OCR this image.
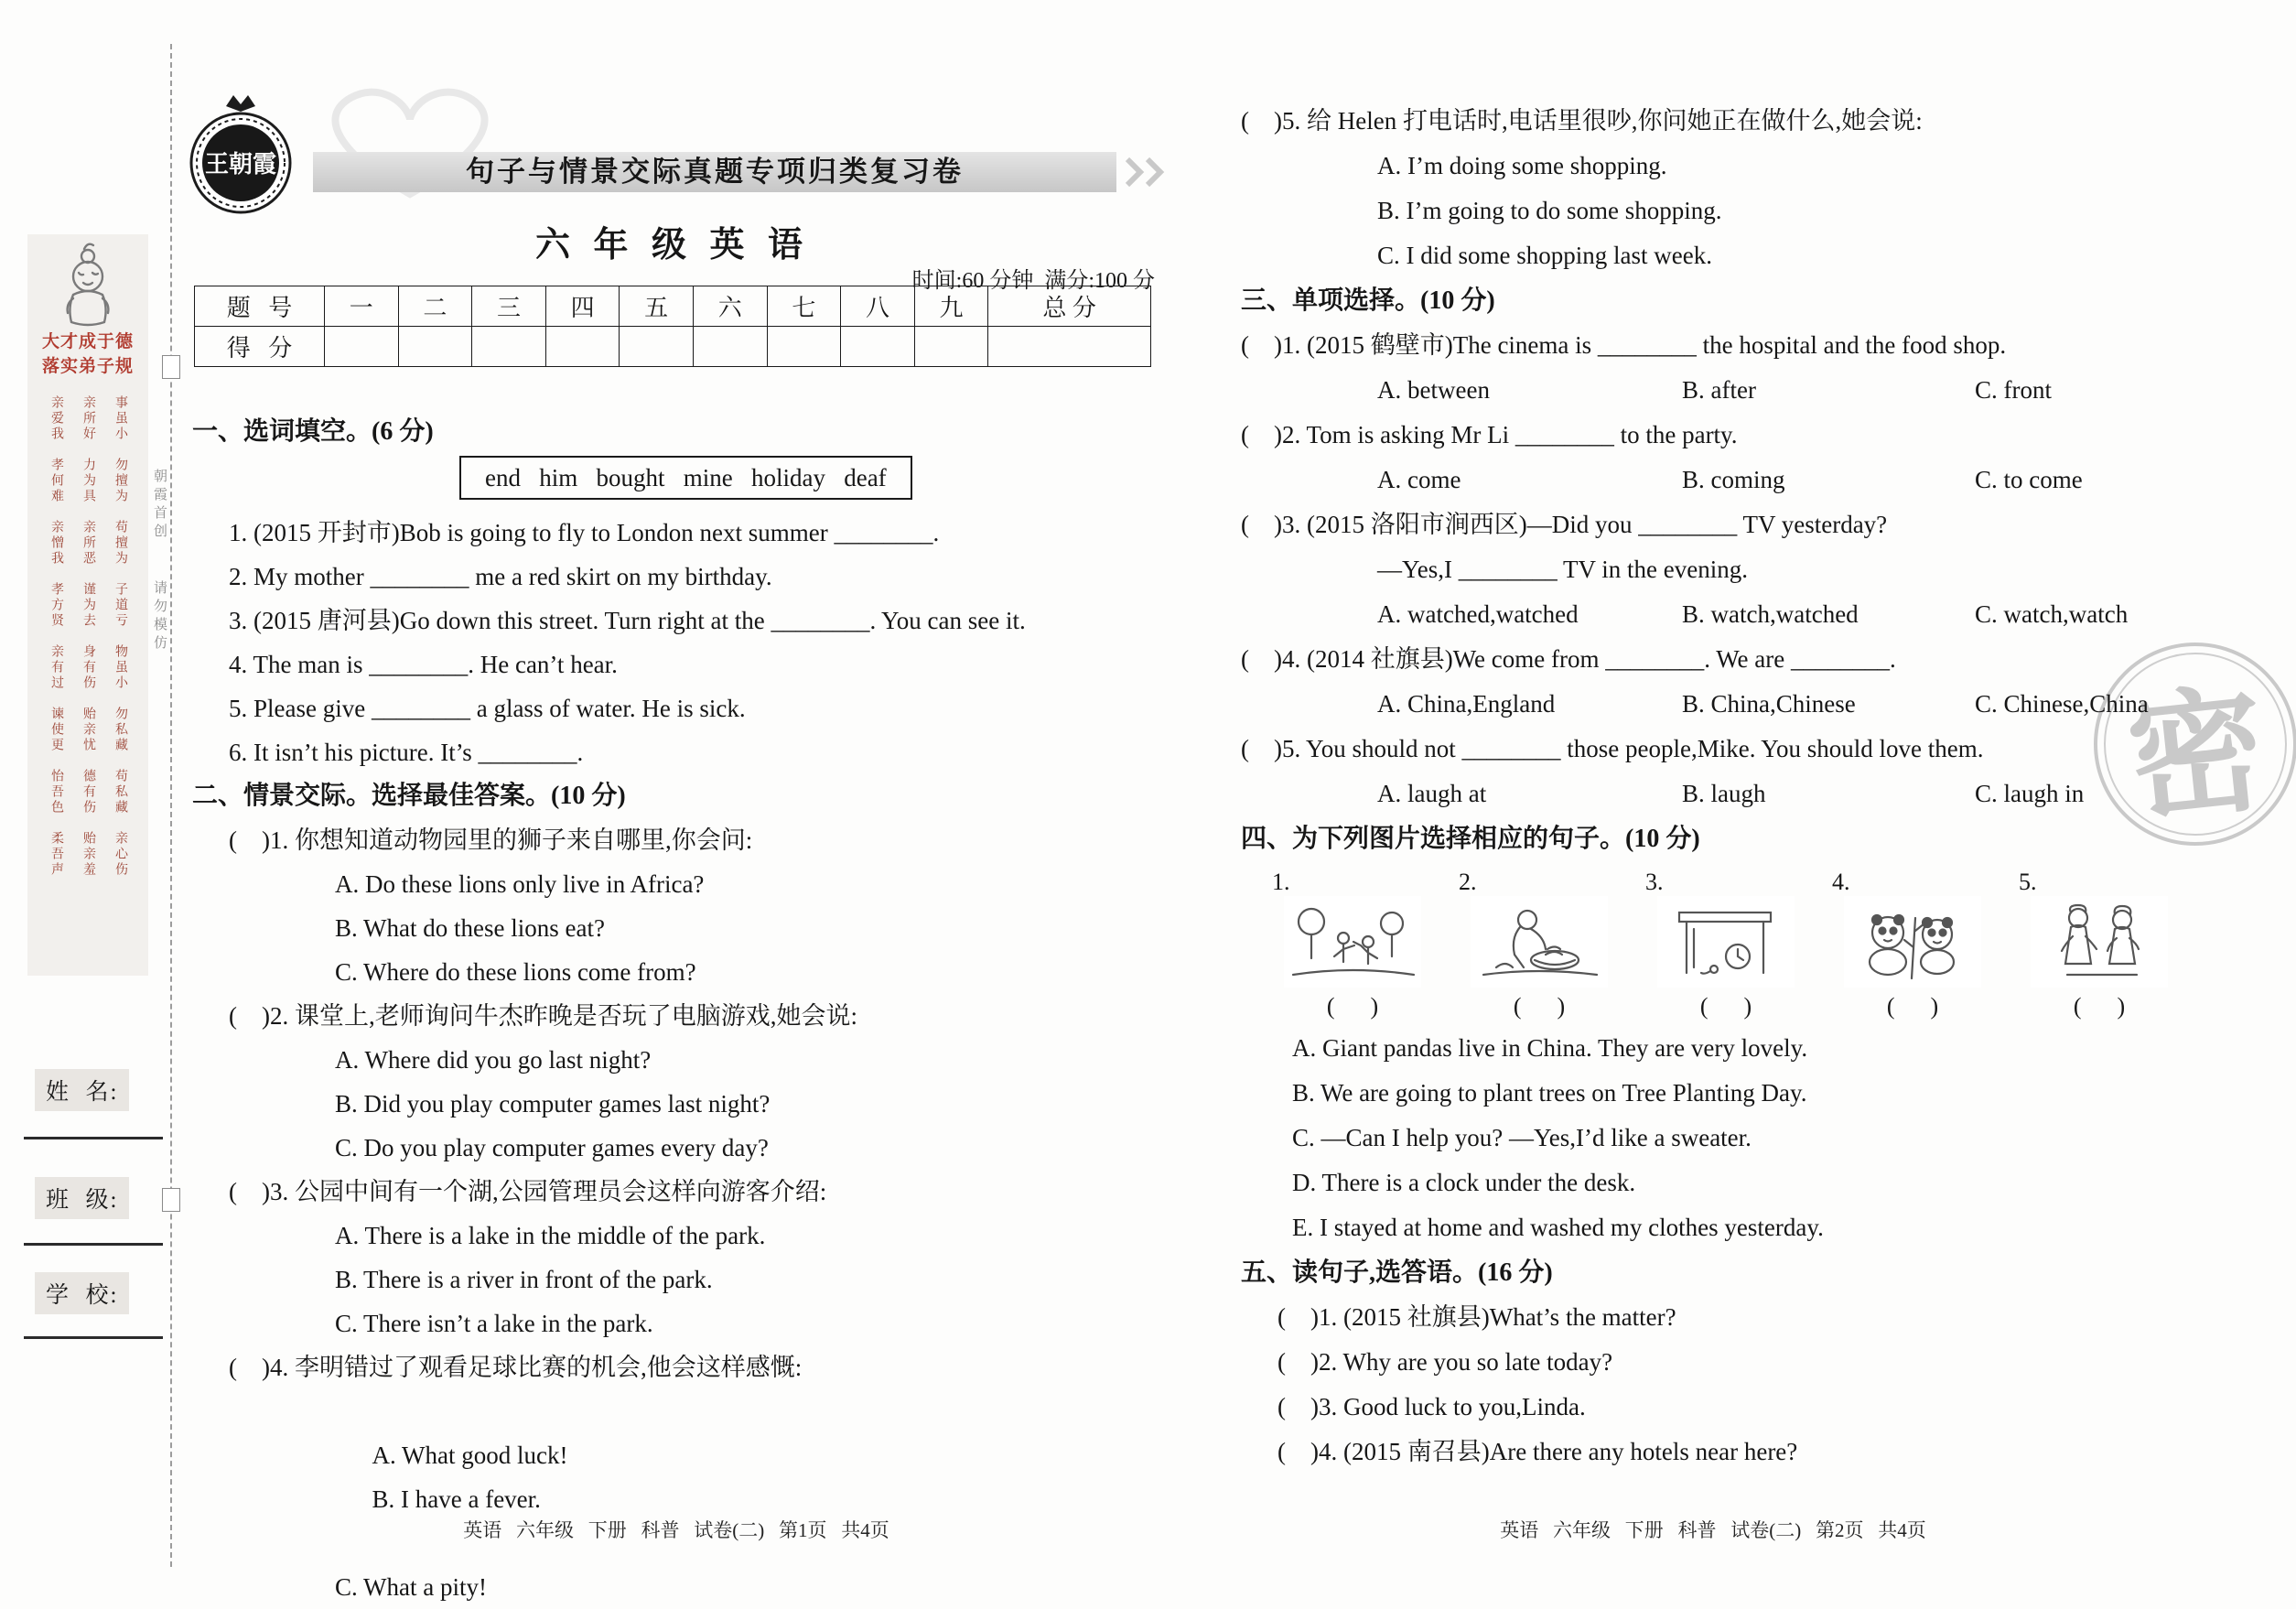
密
大才成于德
落实弟子规
亲爱我 亲所好 事虽小
孝何难 力为具 勿擅为
亲憎我 亲所恶 苟擅为
孝方贤 谨为去 子道亏
亲有过 身有伤 物虽小
谏使更 贻亲忧 勿私藏
怡吾色 德有伤 苟私藏
柔吾声 贻亲羞 亲心伤
姓  名:
班  级:
学  校:
朝霞首创  请勿模仿
王朝霞	句子与情景交际真题专项归类复习卷
六 年 级 英 语
时间:60 分钟  满分:100 分
题   号	一	二	三	四	五	六	七	八	九	总 分
得   分										
一、选词填空。(6 分)
end   him   bought   mine   holiday   deaf
1. (2015 开封市)Bob is going to fly to London next summer ________.
2. My mother ________ me a red skirt on my birthday.
3. (2015 唐河县)Go down this street. Turn right at the ________. You can see it.
4. The man is ________. He can’t hear.
5. Please give ________ a glass of water. He is sick.
6. It isn’t his picture. It’s ________.
二、情景交际。选择最佳答案。(10 分)
(    )1. 你想知道动物园里的狮子来自哪里,你会问:
A. Do these lions only live in Africa?
B. What do these lions eat?
C. Where do these lions come from?
(    )2. 课堂上,老师询问牛杰昨晚是否玩了电脑游戏,她会说:
A. Where did you go last night?
B. Did you play computer games last night?
C. Do you play computer games every day?
(    )3. 公园中间有一个湖,公园管理员会这样向游客介绍:
A. There is a lake in the middle of the park.
B. There is a river in front of the park.
C. There isn’t a lake in the park.
(    )4. 李明错过了观看足球比赛的机会,他会这样感慨:

A. What good luck!
B. I have a fever.

C. What a pity!
英语   六年级   下册   科普   试卷(二)   第1页   共4页
(    )5. 给 Helen 打电话时,电话里很吵,你问她正在做什么,她会说:
A. I’m doing some shopping.
B. I’m going to do some shopping.
C. I did some shopping last week.
三、单项选择。(10 分)
(    )1. (2015 鹤壁市)The cinema is ________ the hospital and the food shop.
A. between	B. after	C. front
(    )2. Tom is asking Mr Li ________ to the party.
A. come	B. coming	C. to come
(    )3. (2015 洛阳市涧西区)—Did you ________ TV yesterday?
—Yes,I ________ TV in the evening.
A. watched,watched	B. watch,watched	C. watch,watch
(    )4. (2014 社旗县)We come from ________. We are ________.
A. China,England	B. China,Chinese	C. Chinese,China
(    )5. You should not ________ those people,Mike. You should love them.
A. laugh at	B. laugh	C. laugh in
四、为下列图片选择相应的句子。(10 分)
1.
(      )
2.
(      )
3.
(      )
4.
(      )
5.
(      )
A. Giant pandas live in China. They are very lovely.
B. We are going to plant trees on Tree Planting Day.
C. —Can I help you? —Yes,I’d like a sweater.
D. There is a clock under the desk.
E. I stayed at home and washed my clothes yesterday.
五、读句子,选答语。(16 分)
(    )1. (2015 社旗县)What’s the matter?
(    )2. Why are you so late today?
(    )3. Good luck to you,Linda.
(    )4. (2015 南召县)Are there any hotels near here?
英语   六年级   下册   科普   试卷(二)   第2页   共4页
